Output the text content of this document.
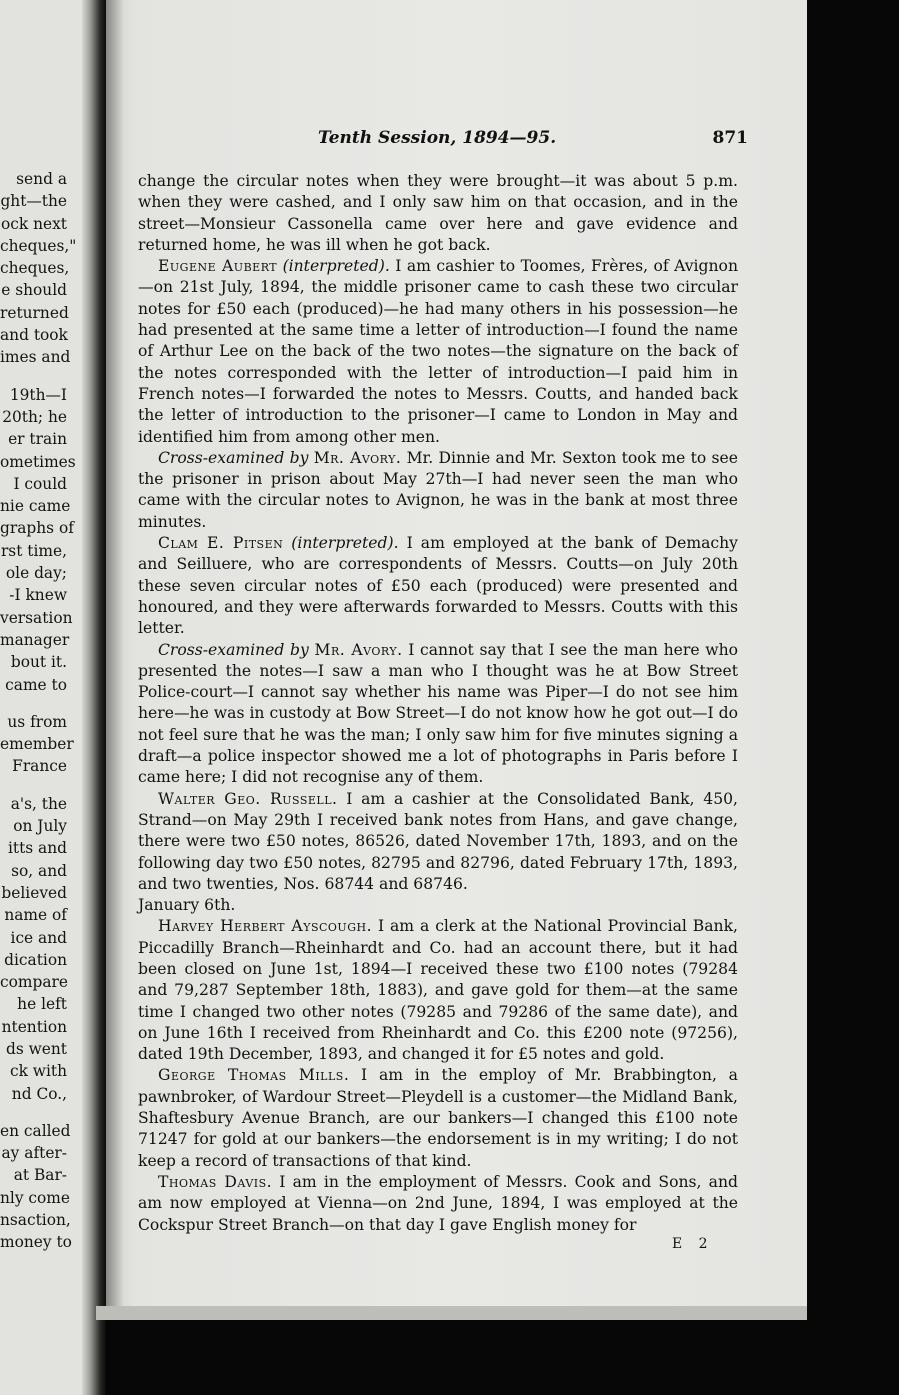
send a
ght—the
ock next
cheques,"
cheques,
e should
returned
and took
imes and
19th—I
20th; he
er train
ometimes
I could
nie came
graphs of
rst time,
ole day;
-I knew
versation
manager
bout it.
came to
us from
emember
France
a's, the
on July
itts and
so, and
believed
name of
ice and
dication
compare
he left
ntention
ds went
ck with
nd Co.,
en called
ay after-
at Bar-
nly come
nsaction,
money to
Tenth Session, 1894—95.	871

change the circular notes when they were brought—it was about 5 p.m. when they were cashed, and I only saw him on that occasion, and in the street—Monsieur Cassonella came over here and gave evidence and returned home, he was ill when he got back.

Eugene Aubert (interpreted). I am cashier to Toomes, Frères, of Avignon—on 21st July, 1894, the middle prisoner came to cash these two circular notes for £50 each (produced)—he had many others in his possession—he had presented at the same time a letter of introduction—I found the name of Arthur Lee on the back of the two notes—the signature on the back of the notes corresponded with the letter of introduction—I paid him in French notes—I forwarded the notes to Messrs. Coutts, and handed back the letter of introduction to the prisoner—I came to London in May and identified him from among other men.

Cross-examined by Mr. Avory. Mr. Dinnie and Mr. Sexton took me to see the prisoner in prison about May 27th—I had never seen the man who came with the circular notes to Avignon, he was in the bank at most three minutes.

Clam E. Pitsen (interpreted). I am employed at the bank of Demachy and Seilluere, who are correspondents of Messrs. Coutts—on July 20th these seven circular notes of £50 each (produced) were presented and honoured, and they were afterwards forwarded to Messrs. Coutts with this letter.

Cross-examined by Mr. Avory. I cannot say that I see the man here who presented the notes—I saw a man who I thought was he at Bow Street Police-court—I cannot say whether his name was Piper—I do not see him here—he was in custody at Bow Street—I do not know how he got out—I do not feel sure that he was the man; I only saw him for five minutes signing a draft—a police inspector showed me a lot of photographs in Paris before I came here; I did not recognise any of them.

Walter Geo. Russell. I am a cashier at the Consolidated Bank, 450, Strand—on May 29th I received bank notes from Hans, and gave change, there were two £50 notes, 86526, dated November 17th, 1893, and on the following day two £50 notes, 82795 and 82796, dated February 17th, 1893, and two twenties, Nos. 68744 and 68746.

January 6th.

Harvey Herbert Ayscough. I am a clerk at the National Provincial Bank, Piccadilly Branch—Rheinhardt and Co. had an account there, but it had been closed on June 1st, 1894—I received these two £100 notes (79284 and 79,287 September 18th, 1883), and gave gold for them—at the same time I changed two other notes (79285 and 79286 of the same date), and on June 16th I received from Rheinhardt and Co. this £200 note (97256), dated 19th December, 1893, and changed it for £5 notes and gold.

George Thomas Mills. I am in the employ of Mr. Brabbington, a pawnbroker, of Wardour Street—Pleydell is a customer—the Midland Bank, Shaftesbury Avenue Branch, are our bankers—I changed this £100 note 71247 for gold at our bankers—the endorsement is in my writing; I do not keep a record of transactions of that kind.

Thomas Davis. I am in the employment of Messrs. Cook and Sons, and am now employed at Vienna—on 2nd June, 1894, I was employed at the Cockspur Street Branch—on that day I gave English money for

E 2
